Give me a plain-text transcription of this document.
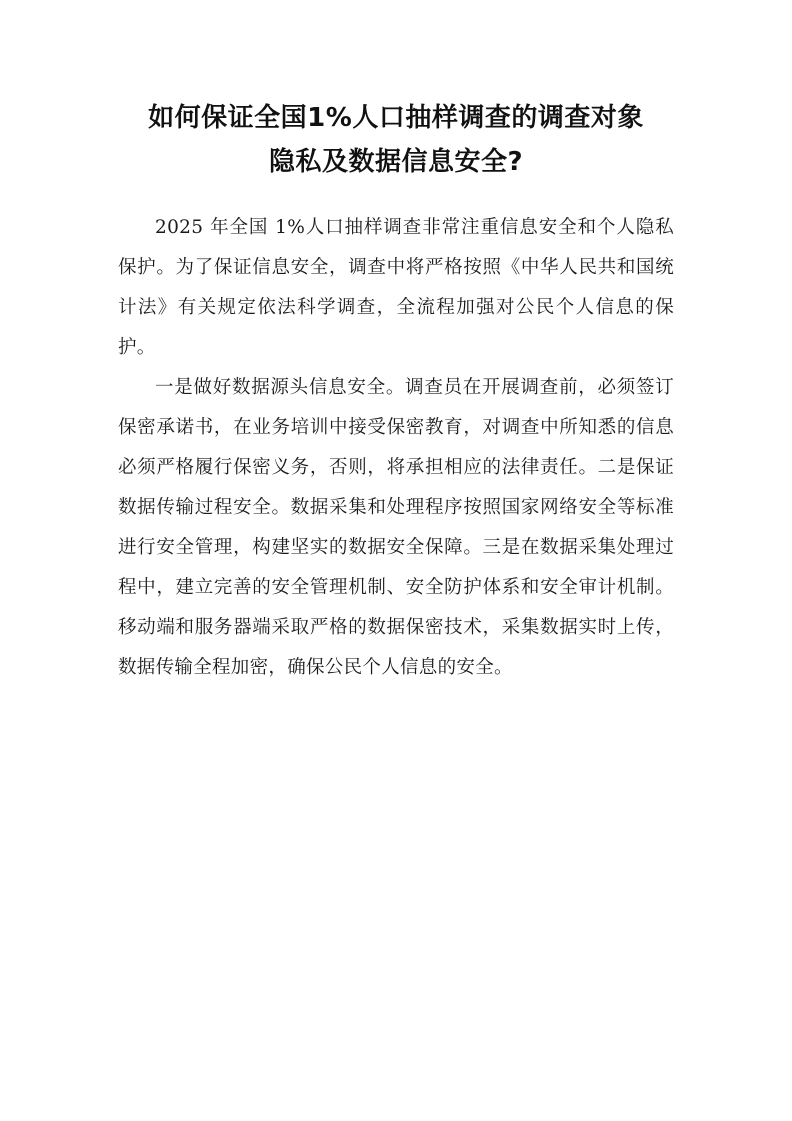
如何保证全国1%人口抽样调查的调查对象
隐私及数据信息安全?

2025 年全国 1%人口抽样调查非常注重信息安全和个人隐私保护。为了保证信息安全，调查中将严格按照《中华人民共和国统计法》有关规定依法科学调查，全流程加强对公民个人信息的保护。

一是做好数据源头信息安全。调查员在开展调查前，必须签订保密承诺书，在业务培训中接受保密教育，对调查中所知悉的信息必须严格履行保密义务，否则，将承担相应的法律责任。二是保证数据传输过程安全。数据采集和处理程序按照国家网络安全等标准进行安全管理，构建坚实的数据安全保障。三是在数据采集处理过程中，建立完善的安全管理机制、安全防护体系和安全审计机制。移动端和服务器端采取严格的数据保密技术，采集数据实时上传，数据传输全程加密，确保公民个人信息的安全。
